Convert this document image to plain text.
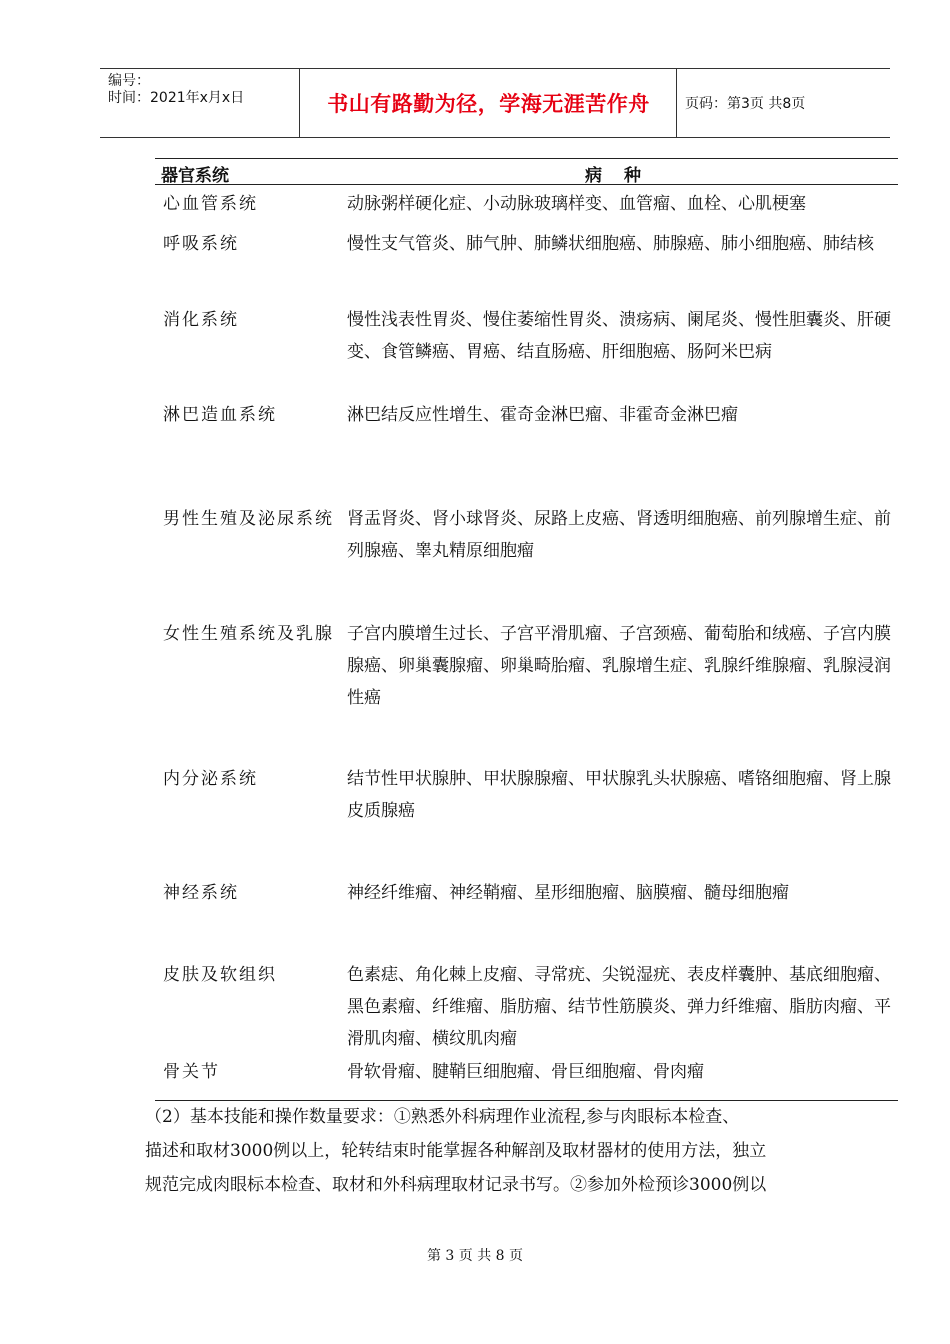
编号：
时间：2021年x月x日	书山有路勤为径，学海无涯苦作舟	页码：第3页 共8页
器官系统	病种
心血管系统	动脉粥样硬化症、小动脉玻璃样变、血管瘤、血栓、心肌梗塞
呼吸系统	慢性支气管炎、肺气肿、肺鳞状细胞癌、肺腺癌、肺小细胞癌、肺结核
消化系统	慢性浅表性胃炎、慢住萎缩性胃炎、溃疡病、阑尾炎、慢性胆囊炎、肝硬变、食管鳞癌、胃癌、结直肠癌、肝细胞癌、肠阿米巴病
淋巴造血系统	淋巴结反应性增生、霍奇金淋巴瘤、非霍奇金淋巴瘤
男性生殖及泌尿系统 肾盂肾炎、肾小球肾炎、尿路上皮癌、肾透明细胞癌、前列腺增生症、前列腺癌、睾丸精原细胞瘤
女性生殖系统及乳腺 子宫内膜增生过长、子宫平滑肌瘤、子宫颈癌、葡萄胎和绒癌、子宫内膜腺癌、卵巢囊腺瘤、卵巢畸胎瘤、乳腺增生症、乳腺纤维腺瘤、乳腺浸润性癌
内分泌系统	结节性甲状腺肿、甲状腺腺瘤、甲状腺乳头状腺癌、嗜铬细胞瘤、肾上腺皮质腺癌
神经系统	神经纤维瘤、神经鞘瘤、星形细胞瘤、脑膜瘤、髓母细胞瘤
皮肤及软组织	色素痣、角化棘上皮瘤、寻常疣、尖锐湿疣、表皮样囊肿、基底细胞瘤、黑色素瘤、纤维瘤、脂肪瘤、结节性筋膜炎、弹力纤维瘤、脂肪肉瘤、平滑肌肉瘤、横纹肌肉瘤
骨关节	骨软骨瘤、腱鞘巨细胞瘤、骨巨细胞瘤、骨肉瘤
（2）基本技能和操作数量要求：①熟悉外科病理作业流程,参与肉眼标本检查、
描述和取材3000例以上，轮转结束时能掌握各种解剖及取材器材的使用方法，独立
规范完成肉眼标本检查、取材和外科病理取材记录书写。②参加外检预诊3000例以
第 3 页 共 8 页
